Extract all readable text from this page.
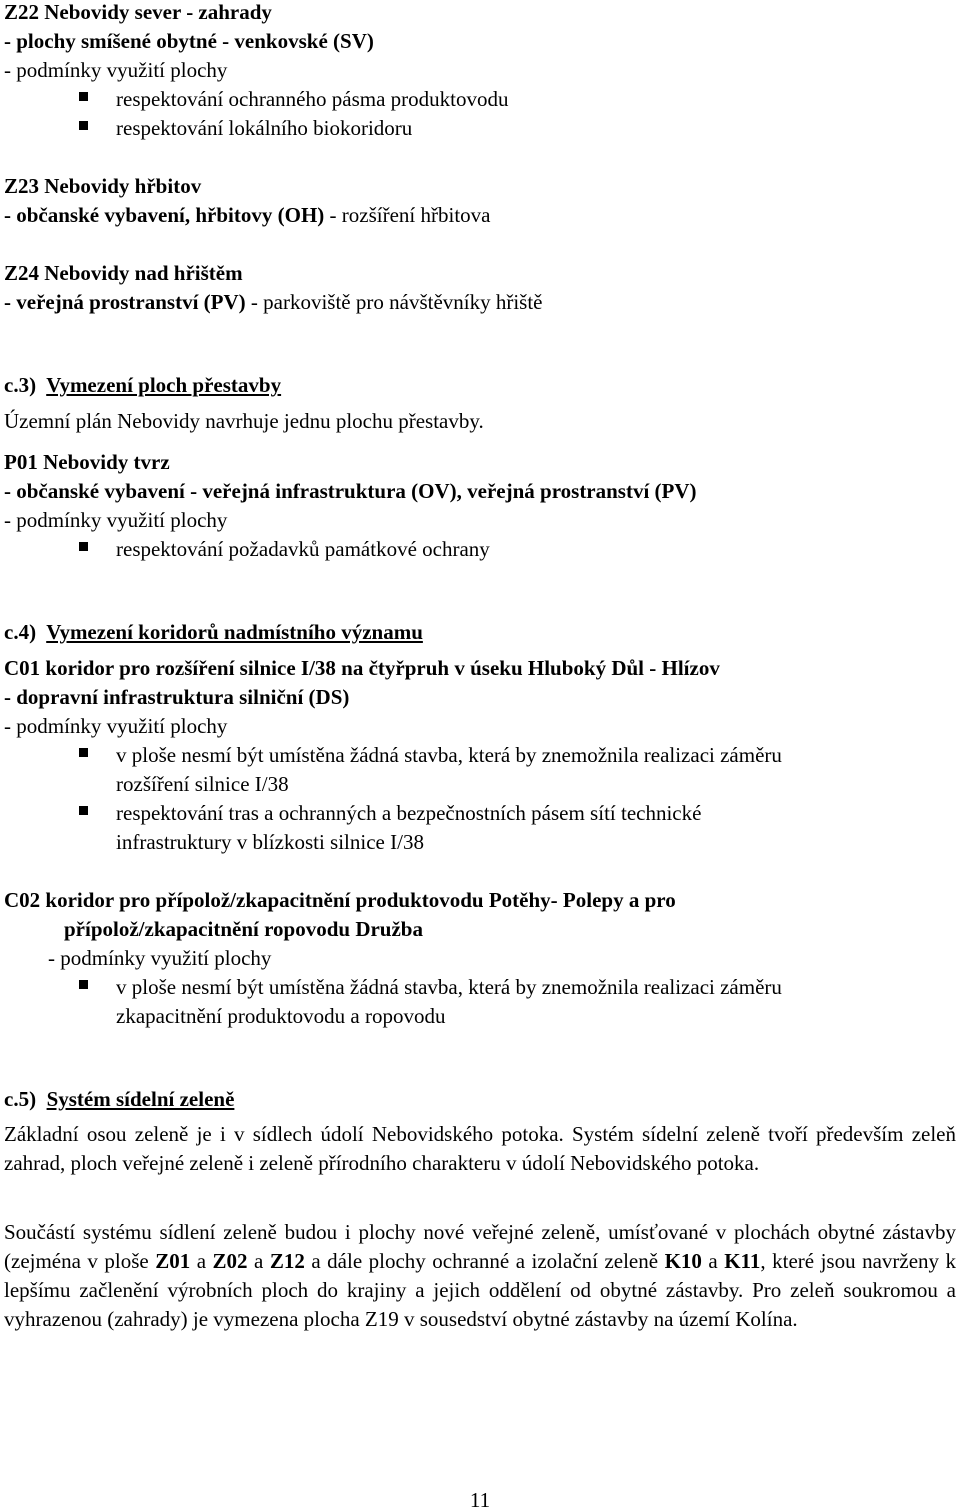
Z22 Nebovidy sever - zahrady
- plochy smíšené obytné - venkovské (SV)
- podmínky využití plochy
respektování ochranného pásma produktovodu
respektování lokálního biokoridoru
Z23 Nebovidy hřbitov
- občanské vybavení, hřbitovy (OH) - rozšíření hřbitova
Z24 Nebovidy nad hřištěm
- veřejná prostranství (PV) - parkoviště pro návštěvníky hřiště
c.3) Vymezení ploch přestavby
Územní plán Nebovidy navrhuje jednu plochu přestavby.
P01 Nebovidy tvrz
- občanské vybavení - veřejná infrastruktura (OV), veřejná prostranství (PV)
- podmínky využití plochy
respektování požadavků památkové ochrany
c.4) Vymezení koridorů nadmístního významu
C01 koridor pro rozšíření silnice I/38 na čtyřpruh v úseku Hluboký Důl - Hlízov
- dopravní infrastruktura silniční (DS)
- podmínky využití plochy
v ploše nesmí být umístěna žádná stavba, která by znemožnila realizaci záměru
rozšíření silnice I/38
respektování tras a ochranných a bezpečnostních pásem sítí technické
infrastruktury v blízkosti silnice I/38
C02 koridor pro přípolož/zkapacitnění produktovodu Potěhy- Polepy a pro
přípolož/zkapacitnění ropovodu Družba
- podmínky využití plochy
v ploše nesmí být umístěna žádná stavba, která by znemožnila realizaci záměru
zkapacitnění produktovodu a ropovodu
c.5) Systém sídelní zeleně
Základní osou zeleně je i v sídlech údolí Nebovidského potoka. Systém sídelní zeleně tvoří především zeleň zahrad, ploch veřejné zeleně i zeleně přírodního charakteru v údolí Nebovidského potoka.
Součástí systému sídlení zeleně budou i plochy nové veřejné zeleně, umísťované v plochách obytné zástavby (zejména v ploše Z01 a Z02 a Z12 a dále plochy ochranné a izolační zeleně K10 a K11, které jsou navrženy k lepšímu začlenění výrobních ploch do krajiny a jejich oddělení od obytné zástavby. Pro zeleň soukromou a vyhrazenou (zahrady) je vymezena plocha Z19 v sousedství obytné zástavby na území Kolína.
11
